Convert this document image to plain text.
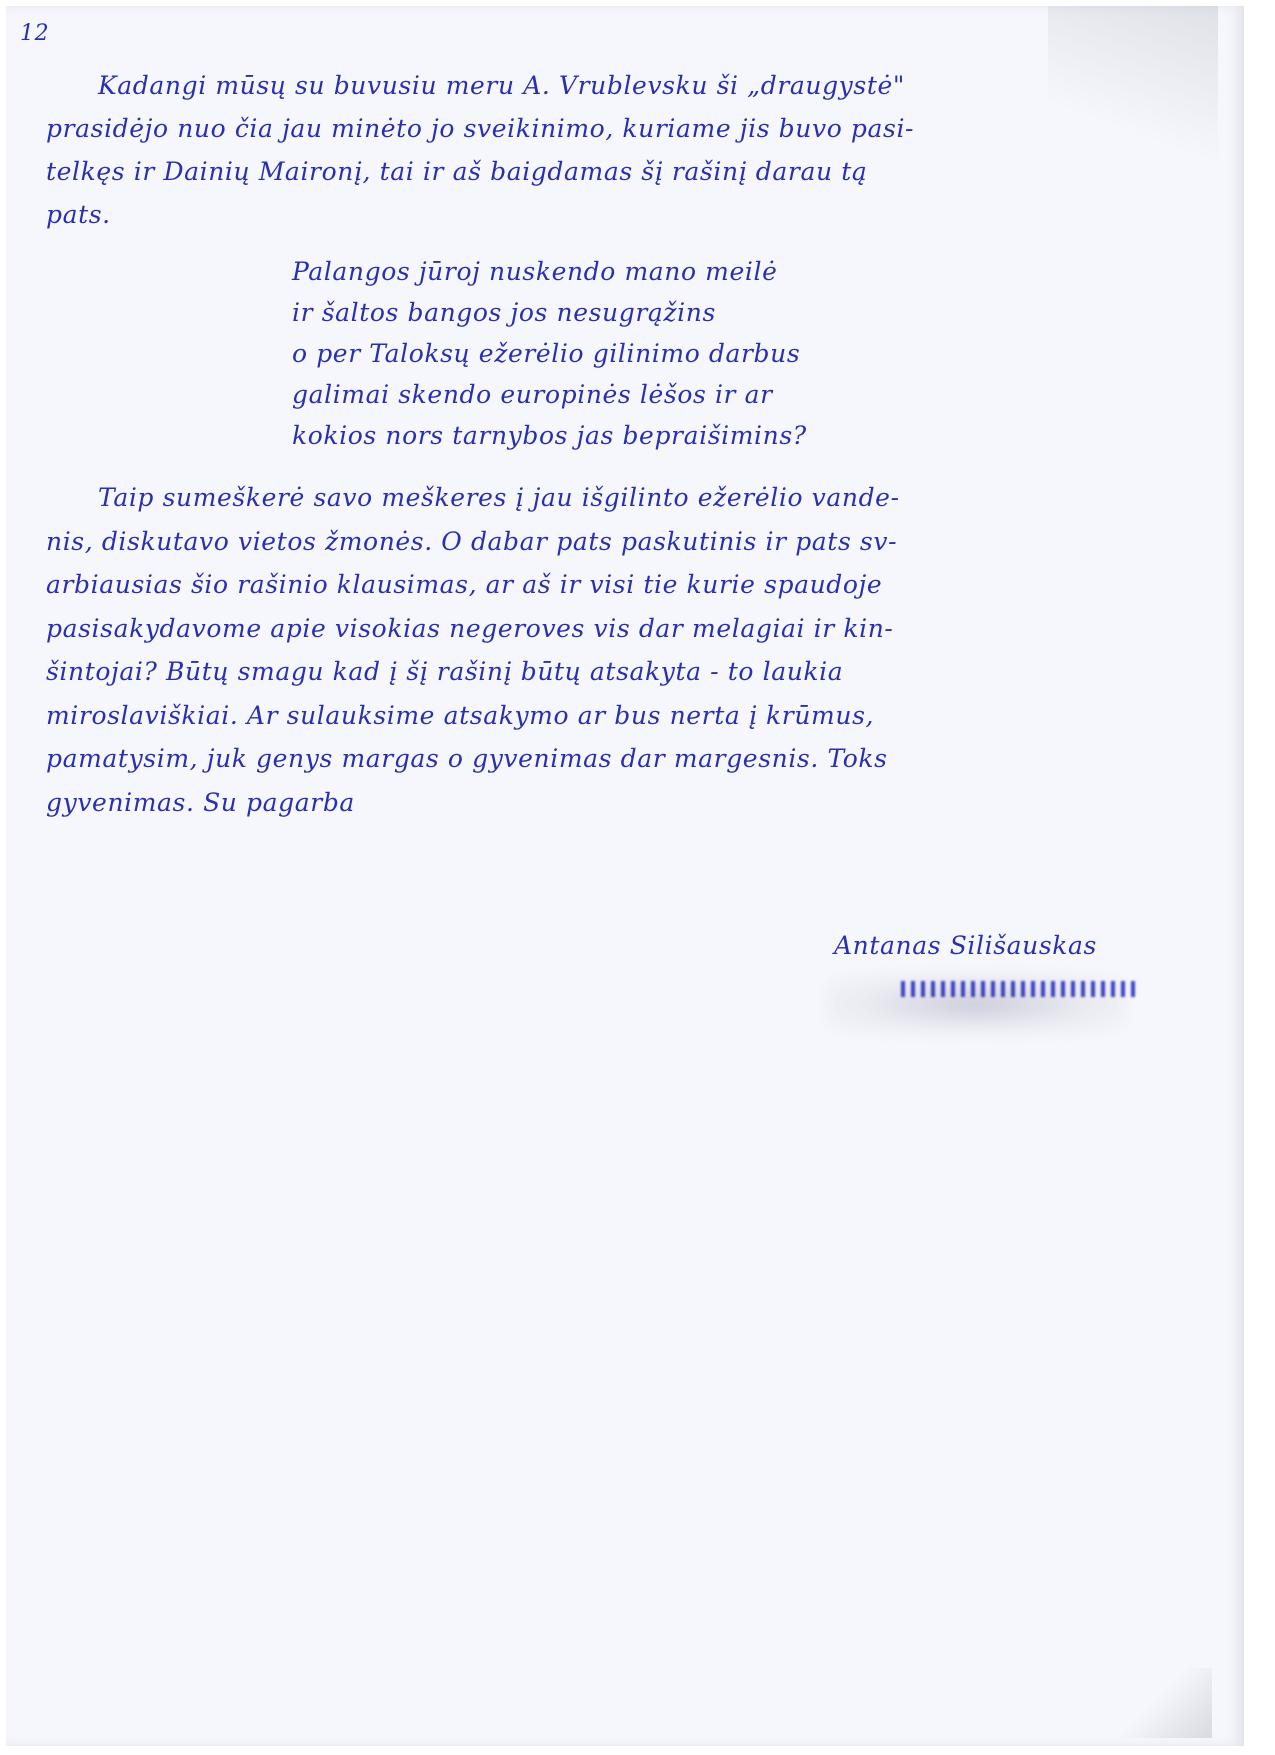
12
Kadangi mūsų su buvusiu meru A. Vrublevsku ši „draugystė"
prasidėjo nuo čia jau minėto jo sveikinimo, kuriame jis buvo pasi-
telkęs ir Dainių Maironį, tai ir aš baigdamas šį rašinį darau tą
pats.
Palangos jūroj nuskendo mano meilė
ir šaltos bangos jos nesugrąžins
o per Taloksų ežerėlio gilinimo darbus
galimai skendo europinės lėšos ir ar
kokios nors tarnybos jas bepraišimins?
Taip sumeškerė savo meškeres į jau išgilinto ežerėlio vande-
nis, diskutavo vietos žmonės. O dabar pats paskutinis ir pats sv-
arbiausias šio rašinio klausimas, ar aš ir visi tie kurie spaudoje
pasisakydavome apie visokias negeroves vis dar melagiai ir kin-
šintojai? Būtų smagu kad į šį rašinį būtų atsakyta - to laukia
miroslaviškiai. Ar sulauksime atsakymo ar bus nerta į krūmus,
pamatysim, juk genys margas o gyvenimas dar margesnis. Toks
gyvenimas. Su pagarba
Antanas Silišauskas
